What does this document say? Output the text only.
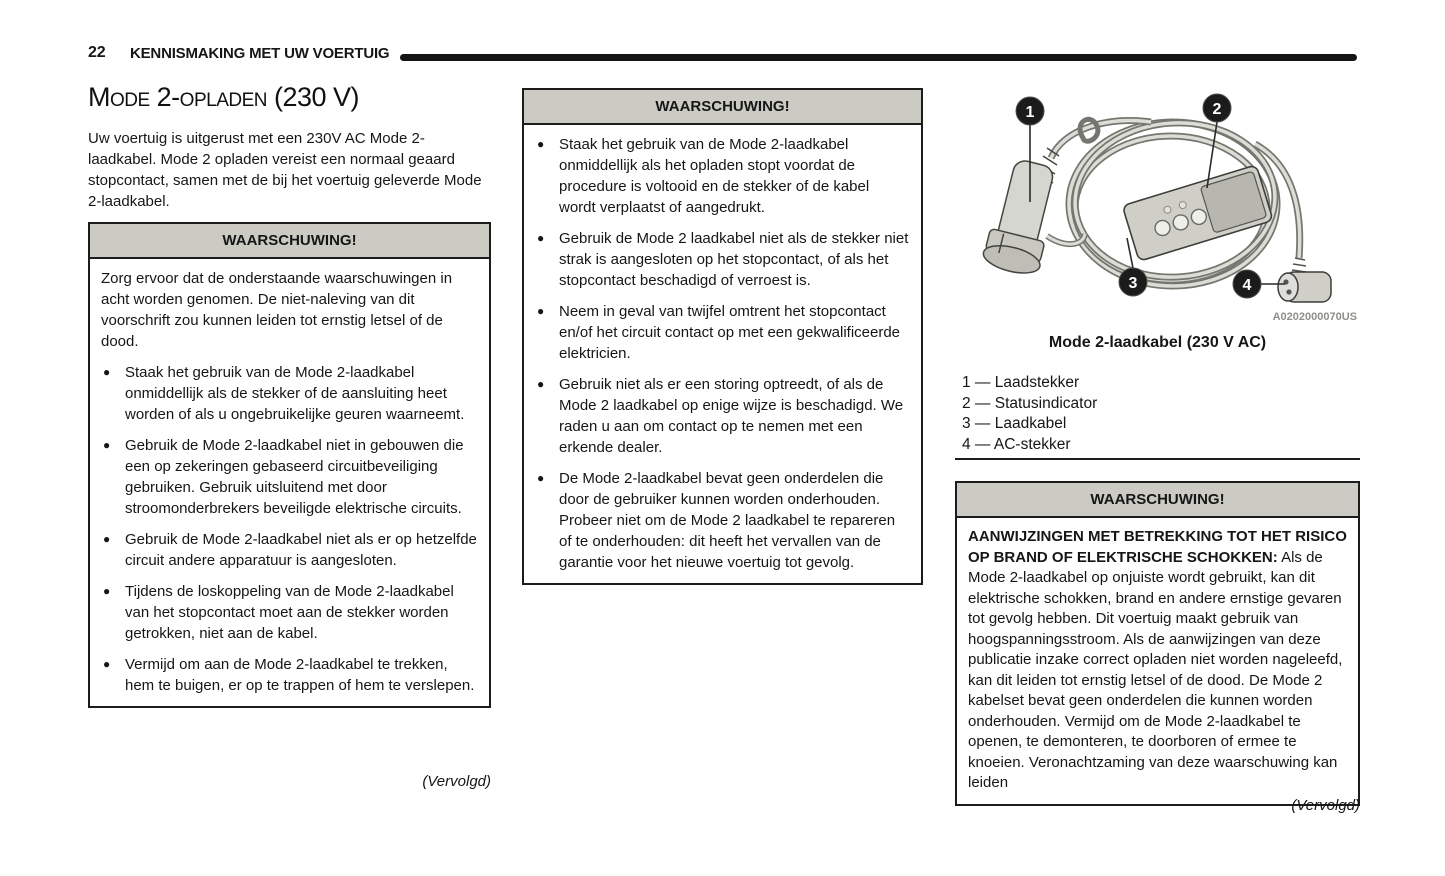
22 KENNISMAKING MET UW VOERTUIG
Mode 2-opladen (230 V)

Uw voertuig is uitgerust met een 230V AC Mode 2-laadkabel. Mode 2 opladen vereist een normaal geaard stopcontact, samen met de bij het voertuig geleverde Mode 2-laadkabel.

WAARSCHUWING!

Zorg ervoor dat de onderstaande waarschuwingen in acht worden genomen. De niet-naleving van dit voorschrift zou kunnen leiden tot ernstig letsel of de dood.

● Staak het gebruik van de Mode 2-laadkabel onmiddellijk als de stekker of de aansluiting heet worden of als u ongebruikelijke geuren waarneemt.
● Gebruik de Mode 2-laadkabel niet in gebouwen die een op zekeringen gebaseerd circuitbeveiliging gebruiken. Gebruik uitsluitend met door stroomonderbrekers beveiligde elektrische circuits.
● Gebruik de Mode 2-laadkabel niet als er op hetzelfde circuit andere apparatuur is aangesloten.
● Tijdens de loskoppeling van de Mode 2-laadkabel van het stopcontact moet aan de stekker worden getrokken, niet aan de kabel.
● Vermijd om aan de Mode 2-laadkabel te trekken, hem te buigen, er op te trappen of hem te verslepen.
(Vervolgd)
WAARSCHUWING!
● Staak het gebruik van de Mode 2-laadkabel onmiddellijk als het opladen stopt voordat de procedure is voltooid en de stekker of de kabel wordt verplaatst of aangedrukt.
● Gebruik de Mode 2 laadkabel niet als de stekker niet strak is aangesloten op het stopcontact, of als het stopcontact beschadigd of verroest is.
● Neem in geval van twijfel omtrent het stopcontact en/of het circuit contact op met een gekwalificeerde elektricien.
● Gebruik niet als er een storing optreedt, of als de Mode 2 laadkabel op enige wijze is beschadigd. We raden u aan om contact op te nemen met een erkende dealer.
● De Mode 2-laadkabel bevat geen onderdelen die door de gebruiker kunnen worden onderhouden. Probeer niet om de Mode 2 laadkabel te repareren of te onderhouden: dit heeft het vervallen van de garantie voor het nieuwe voertuig tot gevolg.
1	2
3	4
A0202000070US
Mode 2-laadkabel (230 V AC)
1 — Laadstekker
2 — Statusindicator
3 — Laadkabel
4 — AC-stekker
WAARSCHUWING!

AANWIJZINGEN MET BETREKKING TOT HET RISICO OP BRAND OF ELEKTRISCHE SCHOKKEN: Als de Mode 2-laadkabel op onjuiste wordt gebruikt, kan dit elektrische schokken, brand en andere ernstige gevaren tot gevolg hebben. Dit voertuig maakt gebruik van hoogspanningsstroom. Als de aanwijzingen van deze publicatie inzake correct opladen niet worden nageleefd, kan dit leiden tot ernstig letsel of de dood. De Mode 2 kabelset bevat geen onderdelen die kunnen worden onderhouden. Vermijd om de Mode 2-laadkabel te openen, te demonteren, te doorboren of ermee te knoeien. Veronachtzaming van deze waarschuwing kan leiden

(Vervolgd)
